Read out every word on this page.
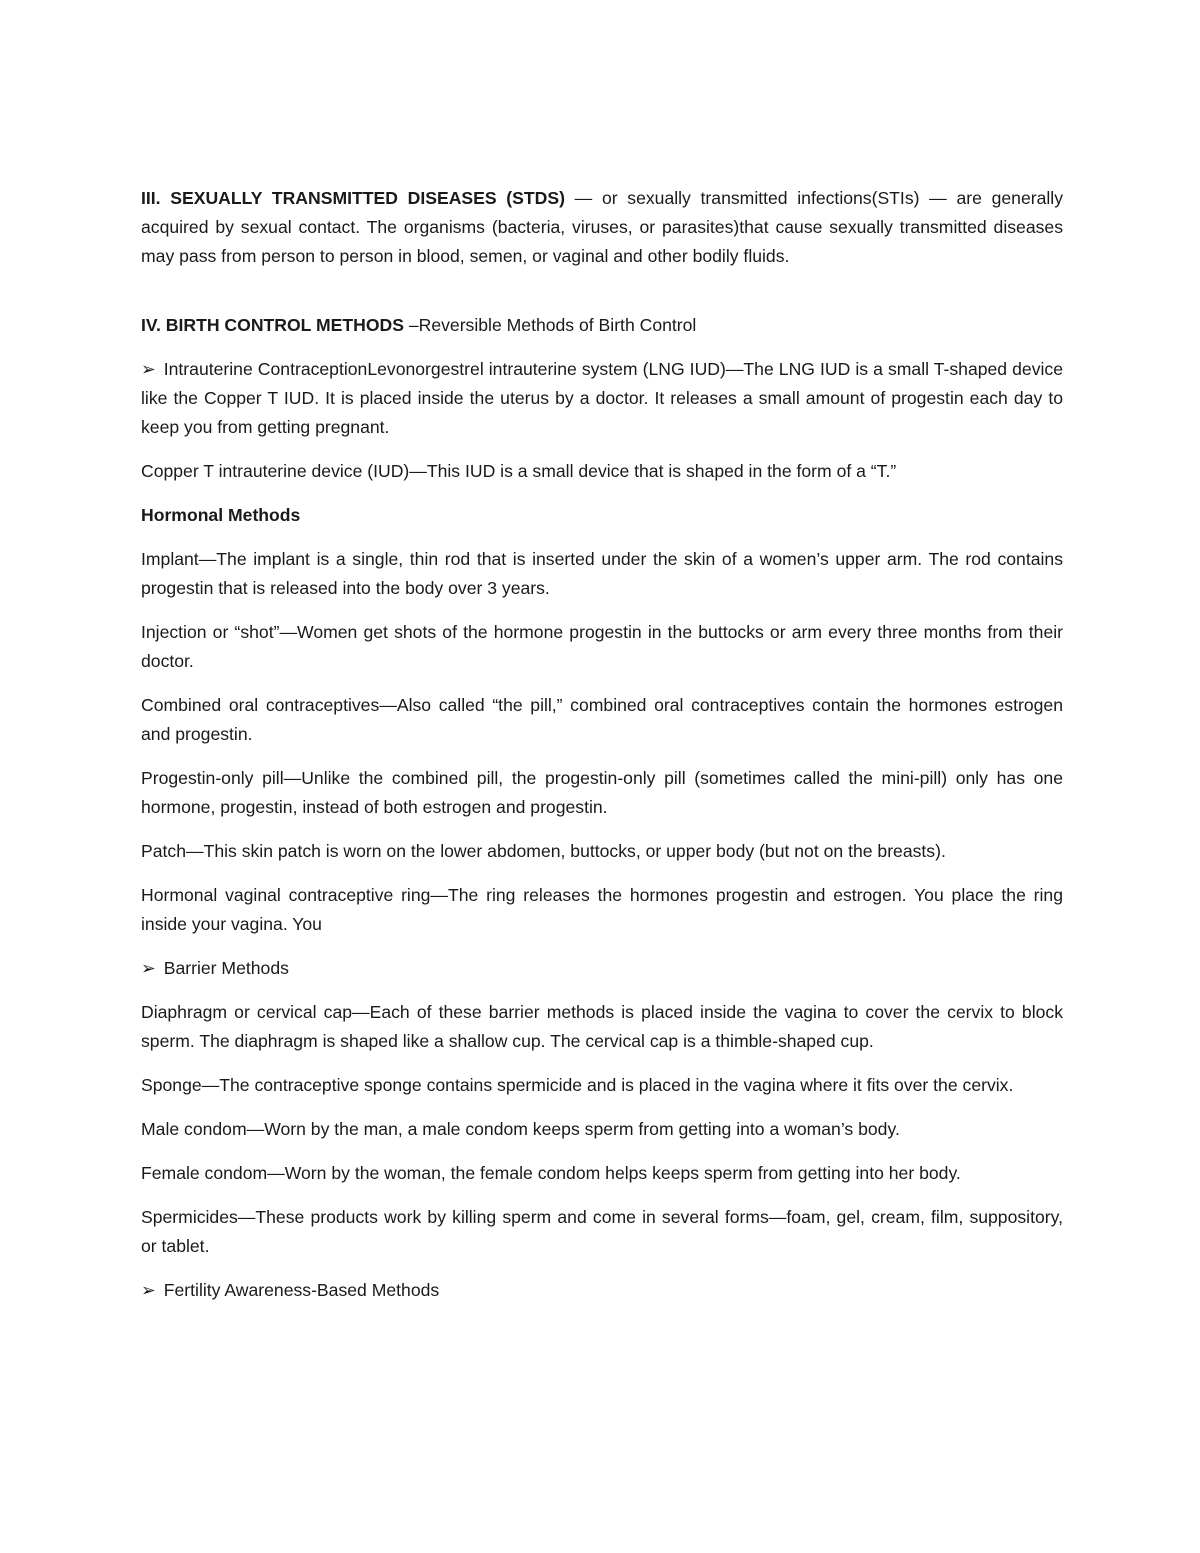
III. SEXUALLY TRANSMITTED DISEASES (STDS) — or sexually transmitted infections(STIs) — are generally acquired by sexual contact. The organisms (bacteria, viruses, or parasites)that cause sexually transmitted diseases may pass from person to person in blood, semen, or vaginal and other bodily fluids.

IV. BIRTH CONTROL METHODS –Reversible Methods of Birth Control

➢ Intrauterine ContraceptionLevonorgestrel intrauterine system (LNG IUD)—The LNG IUD is a small T-shaped device like the Copper T IUD. It is placed inside the uterus by a doctor. It releases a small amount of progestin each day to keep you from getting pregnant.

Copper T intrauterine device (IUD)—This IUD is a small device that is shaped in the form of a “T.”

Hormonal Methods

Implant—The implant is a single, thin rod that is inserted under the skin of a women’s upper arm. The rod contains progestin that is released into the body over 3 years.

Injection or “shot”—Women get shots of the hormone progestin in the buttocks or arm every three months from their doctor.

Combined oral contraceptives—Also called “the pill,” combined oral contraceptives contain the hormones estrogen and progestin.

Progestin-only pill—Unlike the combined pill, the progestin-only pill (sometimes called the mini-pill) only has one hormone, progestin, instead of both estrogen and progestin.

Patch—This skin patch is worn on the lower abdomen, buttocks, or upper body (but not on the breasts).

Hormonal vaginal contraceptive ring—The ring releases the hormones progestin and estrogen. You place the ring inside your vagina. You

➢ Barrier Methods

Diaphragm or cervical cap—Each of these barrier methods is placed inside the vagina to cover the cervix to block sperm. The diaphragm is shaped like a shallow cup. The cervical cap is a thimble-shaped cup.

Sponge—The contraceptive sponge contains spermicide and is placed in the vagina where it fits over the cervix.

Male condom—Worn by the man, a male condom keeps sperm from getting into a woman’s body.

Female condom—Worn by the woman, the female condom helps keeps sperm from getting into her body.

Spermicides—These products work by killing sperm and come in several forms—foam, gel, cream, film, suppository, or tablet.

➢ Fertility Awareness-Based Methods
